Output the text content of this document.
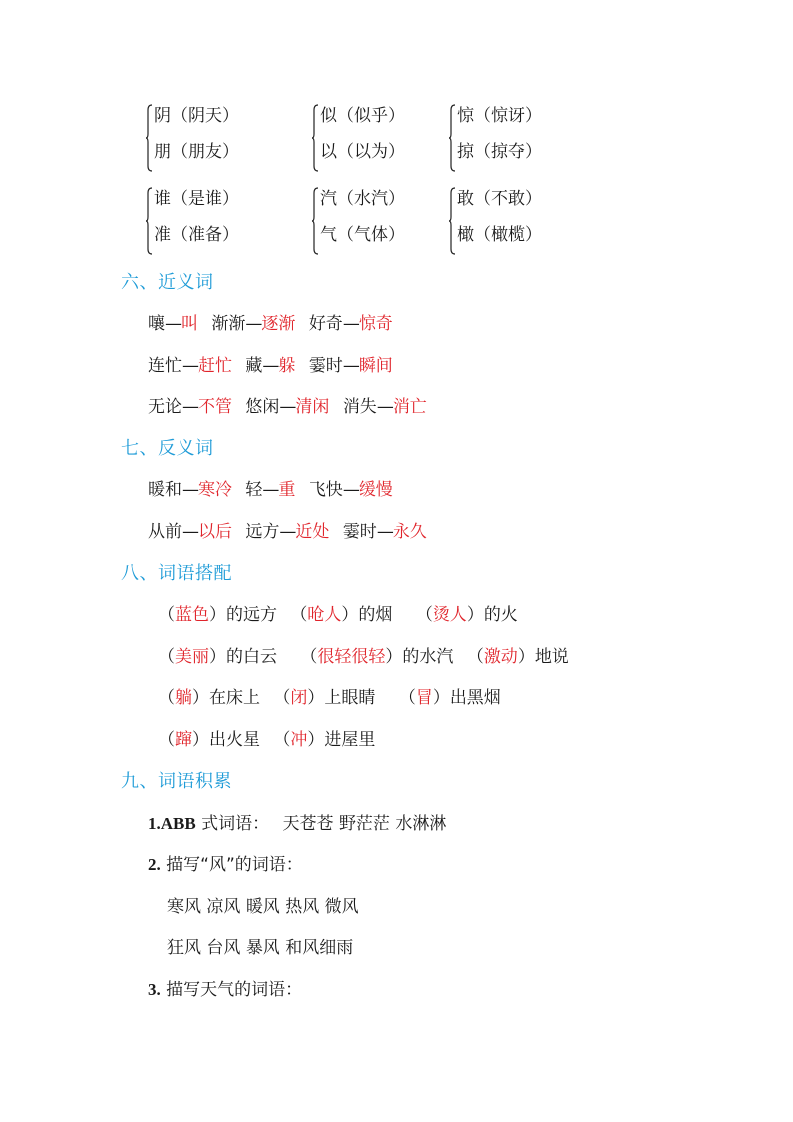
阴（阴天）
朋（朋友）
似（似乎）
以（以为）
惊（惊讶）
掠（掠夺）
谁（是谁）
准（准备）
汽（水汽）
气（气体）
敢（不敢）
橄（橄榄）
六、近义词
嚷—叫 渐渐—逐渐 好奇—惊奇
连忙—赶忙 藏—躲 霎时—瞬间
无论—不管 悠闲—清闲 消失—消亡
七、反义词
暖和—寒冷 轻—重 飞快—缓慢
从前—以后 远方—近处 霎时—永久
八、词语搭配
（蓝色）的远方 （呛人）的烟 （烫人）的火
（美丽）的白云 （很轻很轻）的水汽 （激动）地说
（躺）在床上 （闭）上眼睛 （冒）出黑烟
（蹿）出火星 （冲）进屋里
九、词语积累
1.ABB 式词语： 天苍苍 野茫茫 水淋淋
2. 描写“风”的词语：
寒风 凉风 暖风 热风 微风
狂风 台风 暴风 和风细雨
3. 描写天气的词语：
